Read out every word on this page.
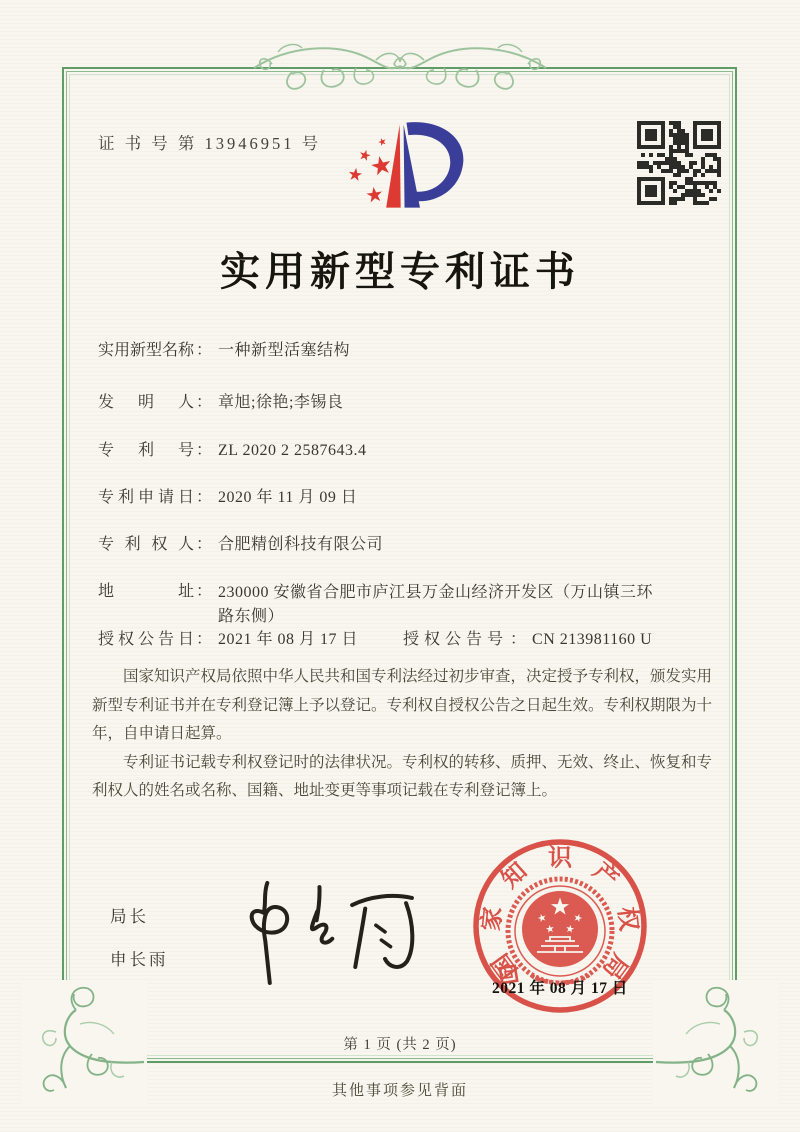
证 书 号 第 13946951 号
实用新型专利证书
实用新型名称 ： 一种新型活塞结构
发明人 ： 章旭;徐艳;李锡良
专利号 ： ZL 2020 2 2587643.4
专利申请日 ： 2020 年 11 月 09 日
专利权人 ： 合肥精创科技有限公司
地址 ： 230000 安徽省合肥市庐江县万金山经济开发区（万山镇三环路东侧）
授权公告日 ： 2021 年 08 月 17 日	授权公告号 ： CN 213981160 U

国家知识产权局依照中华人民共和国专利法经过初步审查，决定授予专利权，颁发实用新型专利证书并在专利登记簿上予以登记。专利权自授权公告之日起生效。专利权期限为十年，自申请日起算。

专利证书记载专利权登记时的法律状况。专利权的转移、质押、无效、终止、恢复和专利权人的姓名或名称、国籍、地址变更等事项记载在专利登记簿上。

局长
申长雨	国
家
知 识 产
权
局
2021 年 08 月 17 日
第 1 页 (共 2 页)
其他事项参见背面
